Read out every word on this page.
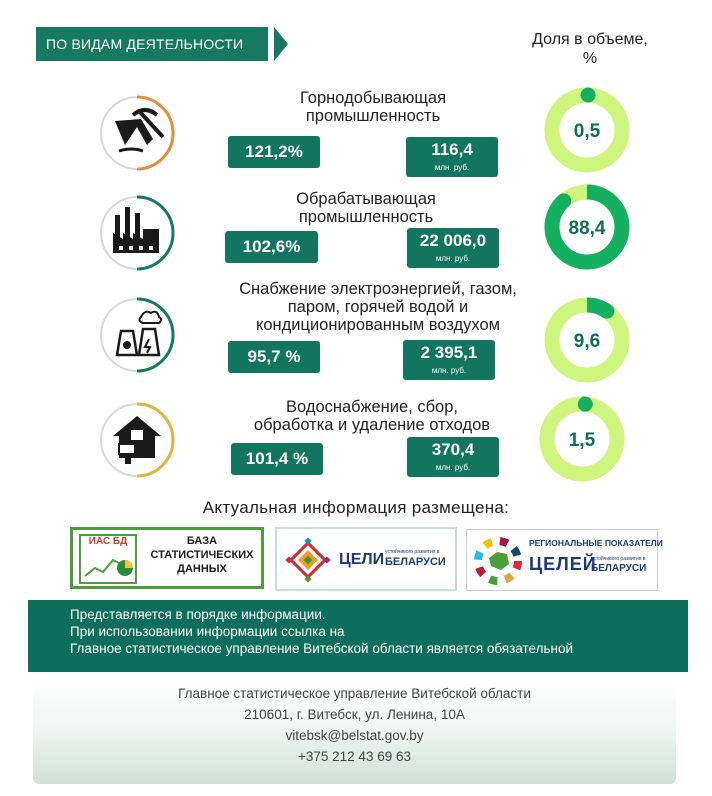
ПО ВИДАМ ДЕЯТЕЛЬНОСТИ	Доля в объеме,
%
Горнодобывающая
промышленность
121,2%	116,4
млн. руб.
0,5
Обрабатывающая
промышленность
102,6%	22 006,0
млн. руб.
88,4
Снабжение электроэнергией, газом,
паром, горячей водой и
кондиционированным воздухом
95,7 %	2 395,1
млн. руб.
9,6
Водоснабжение, сбор,
обработка и удаление отходов
101,4 %	370,4
млн. руб.
1,5
Актуальная информация размещена:
ИАС БД	БАЗА
СТАТИСТИЧЕСКИХ
ДАННЫХ
ЦЕЛИ устойчивого развития в
БЕЛАРУСИ
РЕГИОНАЛЬНЫЕ ПОКАЗАТЕЛИ
ЦЕЛЕЙ
устойчивого развития в
БЕЛАРУСИ
Представляется в порядке информации.
При использовании информации ссылка на
Главное статистическое управление Витебской области является обязательной
Главное статистическое управление Витебской области
210601, г. Витебск, ул. Ленина, 10А
vitebsk@belstat.gov.by
+375 212 43 69 63
